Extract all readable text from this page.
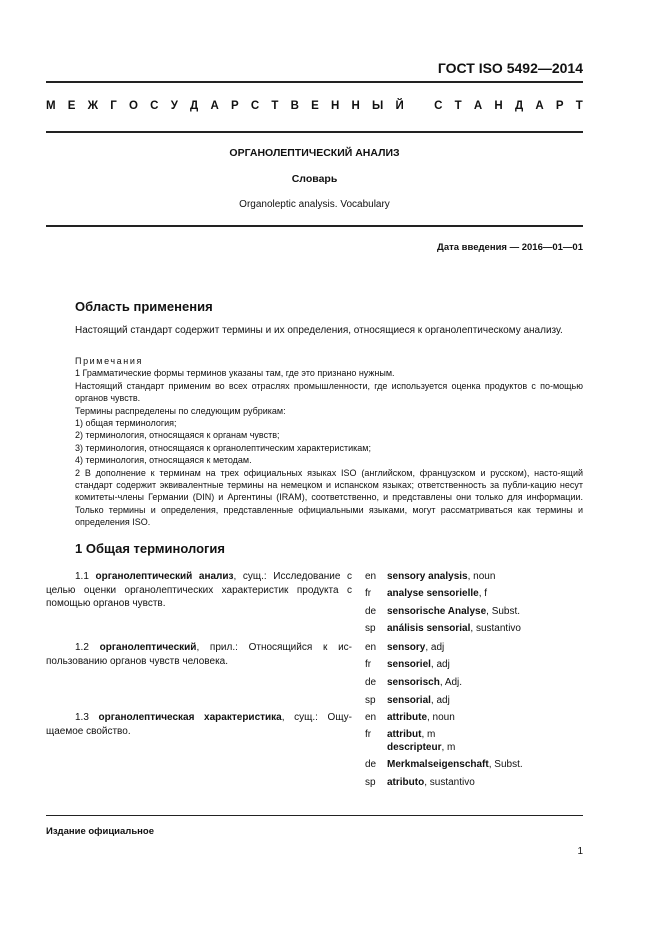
ГОСТ ISO 5492—2014
М Е Ж Г О С У Д А Р С Т В Е Н Н Ы Й	С Т А Н Д А Р Т
ОРГАНОЛЕПТИЧЕСКИЙ АНАЛИЗ
Словарь
Organoleptic analysis. Vocabulary
Дата введения — 2016—01—01
Область применения
Настоящий стандарт содержит термины и их определения, относящиеся к органолептическому анализу.
Примечания
1 Грамматические формы терминов указаны там, где это признано нужным.
Настоящий стандарт применим во всех отраслях промышленности, где используется оценка продуктов с по-мощью органов чувств.
Термины распределены по следующим рубрикам:
1) общая терминология;
2) терминология, относящаяся к органам чувств;
3) терминология, относящаяся к органолептическим характеристикам;
4) терминология, относящаяся к методам.
2 В дополнение к терминам на трех официальных языках ISO (английском, французском и русском), насто-ящий стандарт содержит эквивалентные термины на немецком и испанском языках; ответственность за публи-кацию несут комитеты-члены Германии (DIN) и Аргентины (IRAM), соответственно, и представлены они только для информации. Только термины и определения, представленные официальными языками, могут рассматриваться как термины и определения ISO.
1 Общая терминология
1.1 органолептический анализ, сущ.: Исследование с целью оценки органолептических характеристик продукта с помощью органов чувств.
en	sensory analysis, noun
fr	analyse sensorielle, f
de	sensorische Analyse, Subst.
sp	análisis sensorial, sustantivo
1.2 органолептический, прил.: Относящийся к ис-пользованию органов чувств человека.
en	sensory, adj
fr	sensoriel, adj
de	sensorisch, Adj.
sp	sensorial, adj
1.3 органолептическая характеристика, сущ.: Ощу-щаемое свойство.
en	attribute, noun
fr	attribut, m
descripteur, m
de	Merkmalseigenschaft, Subst.
sp	atributo, sustantivo
Издание официальное
1
